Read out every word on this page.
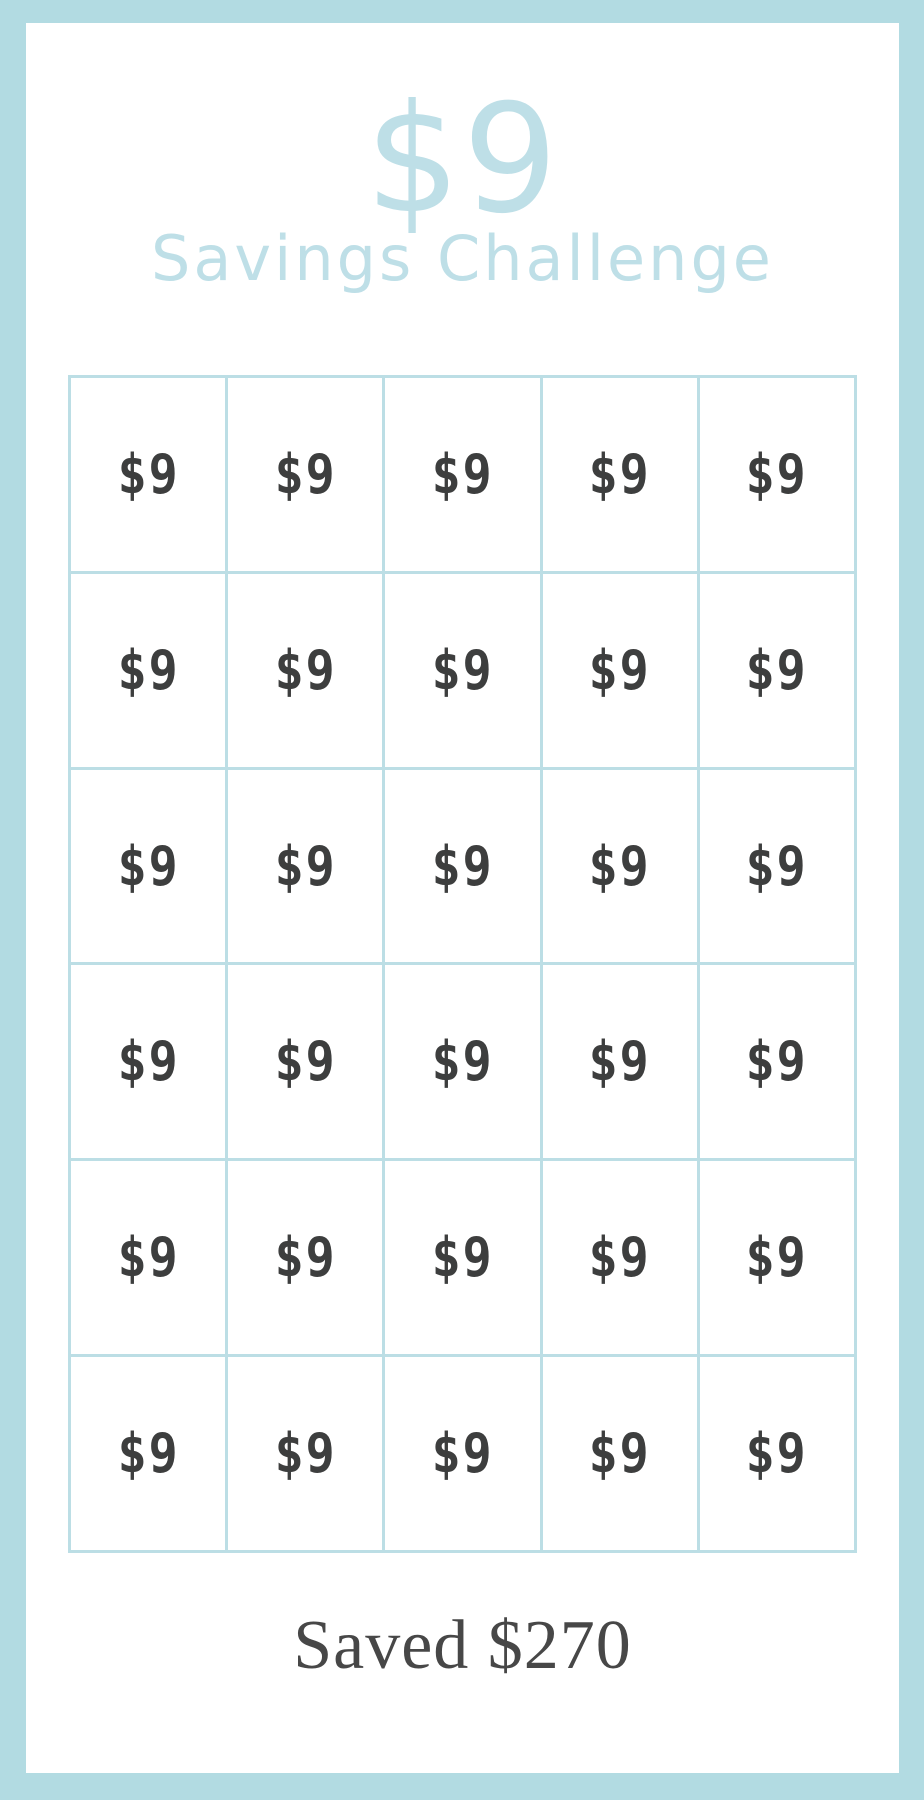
$9
Savings Challenge
$9 $9 $9 $9 $9
$9 $9 $9 $9 $9
$9 $9 $9 $9 $9
$9 $9 $9 $9 $9
$9 $9 $9 $9 $9
$9 $9 $9 $9 $9
Saved $270
